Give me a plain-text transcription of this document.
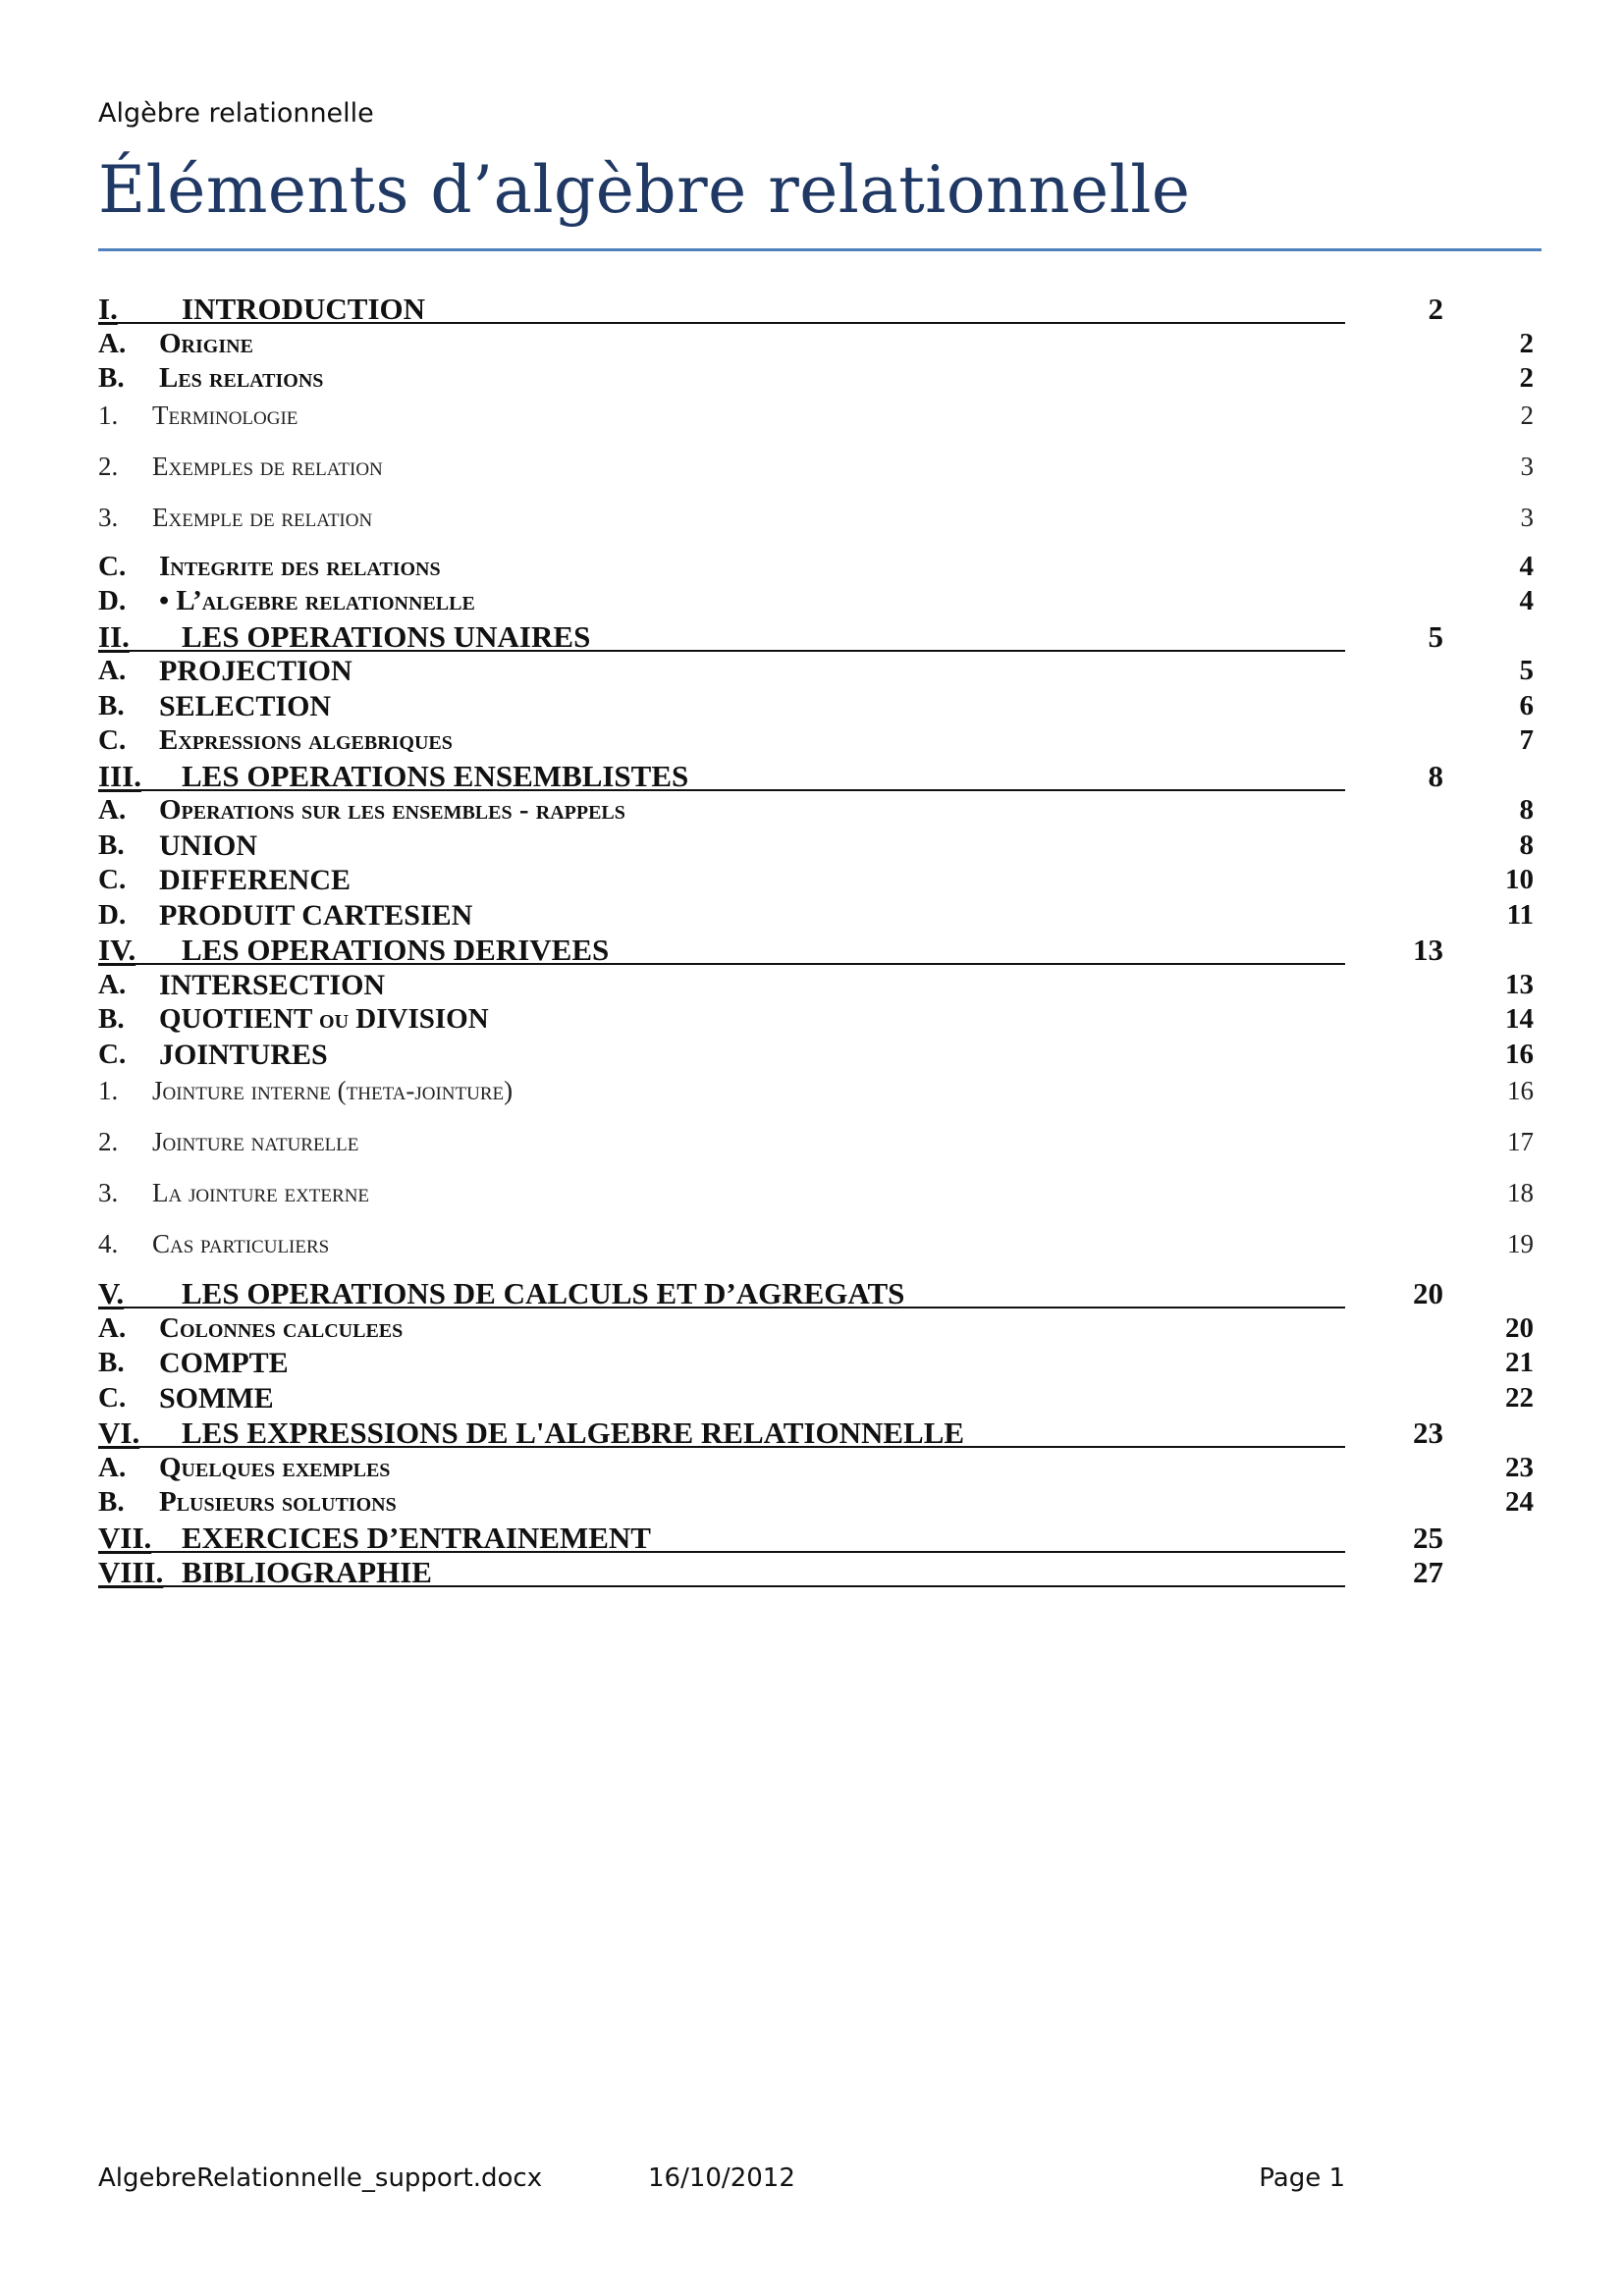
Algèbre relationnelle
Éléments d’algèbre relationnelle
I. INTRODUCTION	2
A. Origine	2
B. Les relations	2
1. Terminologie	2
2. Exemples de relation	3
3. Exemple de relation	3
C. Integrite des relations	4
D. • L’algebre relationnelle	4
II. LES OPERATIONS UNAIRES	5
A. PROJECTION	5
B. SELECTION	6
C. Expressions algebriques	7
III. LES OPERATIONS ENSEMBLISTES	8
A. Operations sur les ensembles - rappels	8
B. UNION	8
C. DIFFERENCE	10
D. PRODUIT CARTESIEN	11
IV. LES OPERATIONS DERIVEES	13
A. INTERSECTION	13
B. QUOTIENT ou DIVISION	14
C. JOINTURES	16
1. Jointure interne (theta-jointure)	16
2. Jointure naturelle	17
3. La jointure externe	18
4. Cas particuliers	19
V. LES OPERATIONS DE CALCULS ET D’AGREGATS	20
A. Colonnes calculees	20
B. COMPTE	21
C. SOMME	22
VI. LES EXPRESSIONS DE L'ALGEBRE RELATIONNELLE	23
A. Quelques exemples	23
B. Plusieurs solutions	24
VII. EXERCICES D’ENTRAINEMENT	25
VIII. BIBLIOGRAPHIE	27
AlgebreRelationnelle_support.docx	16/10/2012	Page 1
